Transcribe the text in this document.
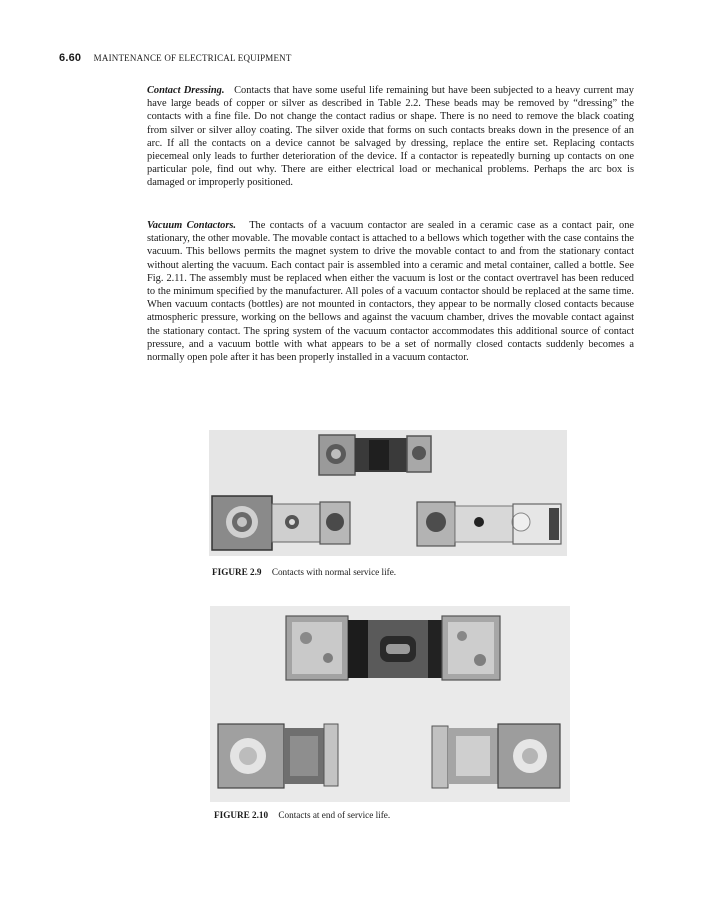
6.60 MAINTENANCE OF ELECTRICAL EQUIPMENT
Contact Dressing. Contacts that have some useful life remaining but have been subjected to a heavy current may have large beads of copper or silver as described in Table 2.2. These beads may be removed by “dressing” the contacts with a fine file. Do not change the contact radius or shape. There is no need to remove the black coating from silver or silver alloy coating. The silver oxide that forms on such contacts breaks down in the presence of an arc. If all the contacts on a device cannot be salvaged by dressing, replace the entire set. Replacing contacts piecemeal only leads to further deterioration of the device. If a contactor is repeatedly burning up contacts on one particular pole, find out why. There are either electrical load or mechanical problems. Perhaps the arc box is damaged or improperly positioned.
Vacuum Contactors. The contacts of a vacuum contactor are sealed in a ceramic case as a contact pair, one stationary, the other movable. The movable contact is attached to a bellows which together with the case contains the vacuum. This bellows permits the magnet system to drive the movable contact to and from the stationary contact without alerting the vacuum. Each contact pair is assembled into a ceramic and metal container, called a bottle. See Fig. 2.11. The assembly must be replaced when either the vacuum is lost or the contact overtravel has been reduced to the minimum specified by the manufacturer. All poles of a vacuum contactor should be replaced at the same time. When vacuum contacts (bottles) are not mounted in contactors, they appear to be normally closed contacts because atmospheric pressure, working on the bellows and against the vacuum chamber, drives the movable contact against the stationary contact. The spring system of the vacuum contactor accommodates this additional source of contact pressure, and a vacuum bottle with what appears to be a set of normally closed contacts suddenly becomes a normally open pole after it has been properly installed in a vacuum contactor.
FIGURE 2.9 Contacts with normal service life.
FIGURE 2.10 Contacts at end of service life.
